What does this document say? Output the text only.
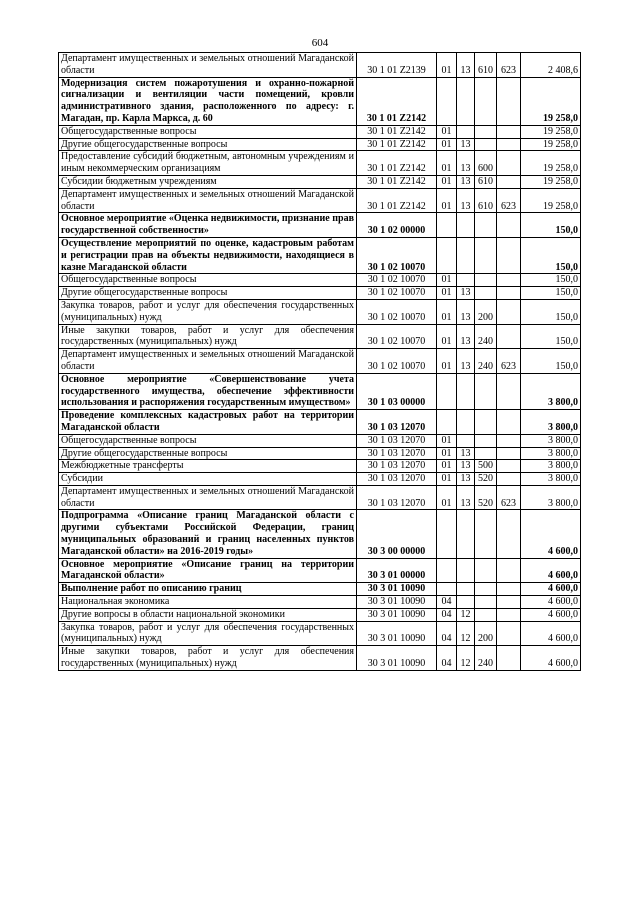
604
Департамент имущественных и земельных отношений Магаданской области	30 1 01 Z2139	01	13	610	623	2 408,6
Модернизация систем пожаротушения и охранно-пожарной сигнализации и вентиляции части помещений, кровли административного здания, расположенного по адресу: г. Магадан, пр. Карла Маркса, д. 60	30 1 01 Z2142					19 258,0
Общегосударственные вопросы	30 1 01 Z2142	01				19 258,0
Другие общегосударственные вопросы	30 1 01 Z2142	01	13			19 258,0
Предоставление субсидий бюджетным, автономным учреждениям и иным некоммерческим организациям	30 1 01 Z2142	01	13	600		19 258,0
Субсидии бюджетным учреждениям	30 1 01 Z2142	01	13	610		19 258,0
Департамент имущественных и земельных отношений Магаданской области	30 1 01 Z2142	01	13	610	623	19 258,0
Основное мероприятие «Оценка недвижимости, признание прав государственной собственности»	30 1 02 00000					150,0
Осуществление мероприятий по оценке, кадастровым работам и регистрации прав на объекты недвижимости, находящиеся в казне Магаданской области	30 1 02 10070					150,0
Общегосударственные вопросы	30 1 02 10070	01				150,0
Другие общегосударственные вопросы	30 1 02 10070	01	13			150,0
Закупка товаров, работ и услуг для обеспечения государственных (муниципальных) нужд	30 1 02 10070	01	13	200		150,0
Иные закупки товаров, работ и услуг для обеспечения государственных (муниципальных) нужд	30 1 02 10070	01	13	240		150,0
Департамент имущественных и земельных отношений Магаданской области	30 1 02 10070	01	13	240	623	150,0
Основное мероприятие «Совершенствование учета государственного имущества, обеспечение эффективности использования и распоряжения государственным имуществом»	30 1 03 00000					3 800,0
Проведение комплексных кадастровых работ на территории Магаданской области	30 1 03 12070					3 800,0
Общегосударственные вопросы	30 1 03 12070	01				3 800,0
Другие общегосударственные вопросы	30 1 03 12070	01	13			3 800,0
Межбюджетные трансферты	30 1 03 12070	01	13	500		3 800,0
Субсидии	30 1 03 12070	01	13	520		3 800,0
Департамент имущественных и земельных отношений Магаданской области	30 1 03 12070	01	13	520	623	3 800,0
Подпрограмма «Описание границ Магаданской области с другими субъектами Российской Федерации, границ муниципальных образований и границ населенных пунктов Магаданской области» на 2016-2019 годы»	30 3 00 00000					4 600,0
Основное мероприятие «Описание границ на территории Магаданской области»	30 3 01 00000					4 600,0
Выполнение работ по описанию границ	30 3 01 10090					4 600,0
Национальная экономика	30 3 01 10090	04				4 600,0
Другие вопросы в области национальной экономики	30 3 01 10090	04	12			4 600,0
Закупка товаров, работ и услуг для обеспечения государственных (муниципальных) нужд	30 3 01 10090	04	12	200		4 600,0
Иные закупки товаров, работ и услуг для обеспечения государственных (муниципальных) нужд	30 3 01 10090	04	12	240		4 600,0
